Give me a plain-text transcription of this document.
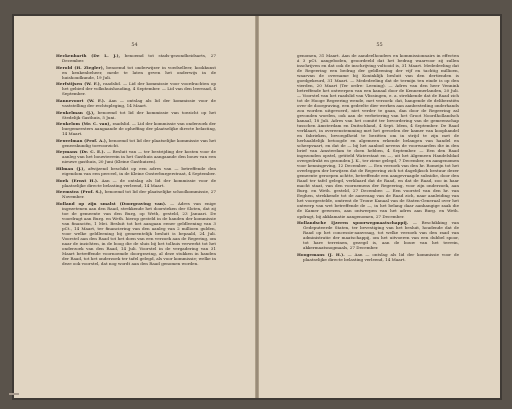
54

Heckenbarth (De L. J.), benoemd tot stads-gezondheidsarts, 27 December.

Herold (H. Ziegler), benoemd tot onderwijzer in voedselleer, kookkunst en keukenbeheer, mede te laten geven het onderwijs in de huishoudkunde, 19 Juli.

Herfstijsen (W. F.), raadslid. — Lid der kommissie voor voordrachten op het gebied der volkshuishouding, 4 September. — Lid van den leerraad, 4 September.

Hannevoort (W. F.). Aan — ontslag als lid der kommissie voor de vaststelling der rechtspleging, 14 Maart.

Heukelman (J.), benoemd tot lid der kommissie van toezicht op het Stedelijk Gasthuis, 5 Juni.

Heukelom (Mr. C. van), raadslid. — Lid der kommissie van onderzoek der burgemeesters aangaande de opheffing der plaatselijke directe belasting, 14 Maart.

Heuvelman (Prof. A.), benoemd tot lid der plaatselijke kommissie van het geneeskundig toevoorzicht.

Heymans (Dr. C. E.). — Besluit van — ter bestrijding der kosten voor de aanleg van het bouwterrein in het Gasthuis aangaande den bouw van een nieuwe gasthuis, 20 Juni (Kleine Gasthuizen).

Hilman (J.), afwijzend beschikt op een adres van — betreffende den eigendom van een perceel, in de Kleine Oosterburgerstraat, 4 September.

Hoek (Ernst H.). Aan — de ontslag als lid der kommissie voor de plaatselijke directe belasting verleend, 14 Maart.

Heemstra (Prof. S.), benoemd tot lid der plaatselijke schoolkommissie, 27 November.

Holland op zijn smalst (Doorgraving van). — Adres van enige ingezetenen aan den Raad, strekkende het doorsteken der Sloten, dat zij toe de gemeente van den Burg, op Weth, gesteld, 23 Januari. De voordragt aan Burg. en Weth. hierop gesteld in de handen der kommissie van financiën, 1 Mei. Besluit tot het aangaan eener geldleening van 3 pCt., 14 Maart, ter financiering van den aanleg van 2 millioen gulden, voor welke geldleening bij gemeentelijk besluit is bepaald, 24 Juli. Voorstel aan den Raad tot het doen van een verzoek aan de Regering, om naar de inzichten, in de boog die de sluis bij het tolhuis verwerkt tot het onderzoek van den Raad, 14 Juli. Voorstel in de vergadering van 31 Maart betreffende voornoemde doorgraving, al deze stukken in handen der Raad, tot het onderzoek ter tafel gelegd, als voor kommissie; welke in deze ook voorstel, dat nog wordt aan den Raad genomen worden.

55

genomen, 31 Maart. Aan de aandeelhouders en kommissionnairs in effecten á 3 pCt. aangeboden, geoordeeld dat het bedrag waarvoor zij zullen inschrijven en dat ook de inschrijving voltooid is, 31 Maart. Mededeeling dat de Regeering een bedrag der geldleening der vijf en tachtig millioen, waarvan de overname bij Koninklijk besluit van den dertienden is goedgekeurd, 31 Maart. — Mededeeling dat de termijn ten einde is op den vierden, 20 Maart (Ter ordre: Leening). — Adres van den heer Vennink betreffende het ontwerpen van een kanaal door de Kennemerlanden, 20 Juli. — Voorstel van het raadslid van Vlissingen, e. a. strekkende dat de Raad zich tot de Hooge Regeering wende, met verzoek: dat, hangende de deliberatiën over de doorgraving, een gedeelte dier werken aan aanbesteding onderhands zou worden uitgevoerd, niet verder te gaan, dan door de Regeering zal gevonden worden, ook aan de verbetering van het Groot Noordhollandsch kanaal, 18 Juli. Adres van het comité ter bevordering van de gemeenschap tusschen Amsterdam en Duitschland, 4 Sept. Idem, 4 September. De Raad verklaart, in overeenstemming met het gevoelen der kamer van koophandel en fabrieken, bevoegdheid te bezitten om in strijd te zijn met de herhaaldelijk betoogde en algemeen erkende belangen van handel en scheepvaart, en dat de — bij het aanbod nevens de voorwaarden die in den brief van Amsterdam te doen hebben, 4 September. — Een den Raad ingezonden opstel, getiteld Waterstaat en —, uit het Algemeen Handelsblad overgedrukt en gezonden J. K., ter ziene gelegd, 7 December, en aangenomen voor kennisgeving, 12 December. — Een verzoek van den hr. Romeijn tot het overleggen der bewijzen dat de Regeering zich tot dagelijksch bestuur dezer gemeente geroepen achtte, betreffende een aangevraagde subsidie, door den Raad ter tafel gelegd, verklaard dat de Raad, en dat de Raad, zoo in haar macht staat, van den voornemens der Regeering, voor zijn onderzoek, aan Burg. en Weth. gesteld, 27 December. — Een voorstel van den hr. van Eeghen, strekkende tot de aanvraag van de Raad zich, naar aanleiding van het voorgestelde, omtrent de Trouw Kanaal van de Staten-Generaal over het ontwerp van wet betreffende de —, in het belang daar aanhangige zaak die de Kamer gewezen, aan ontwerpen van het adres aan Burg. en Weth. opdragt, bij akklamatie aangenomen, 27 December.

Hollandsche IJzeren spoorwegmaatschappij. — Beschikking van Gedeputeerde Staten, ter bevestiging van het besluit, houdende dat de Raad op het concessie-aanvraag, tot welke verzoek van den raad van administratie der maatschappij, om het uitvoeren van een dubbel spoor, tot hare terreinen, gezegd is, aan de bouw van het terrein, akkermaatsnogmaals, 27 December.

Hoogemans (J. H.). — Aan — ontslag als lid der kommissie voor de plaatselijke directe belasting verleend, 14 Maart.
